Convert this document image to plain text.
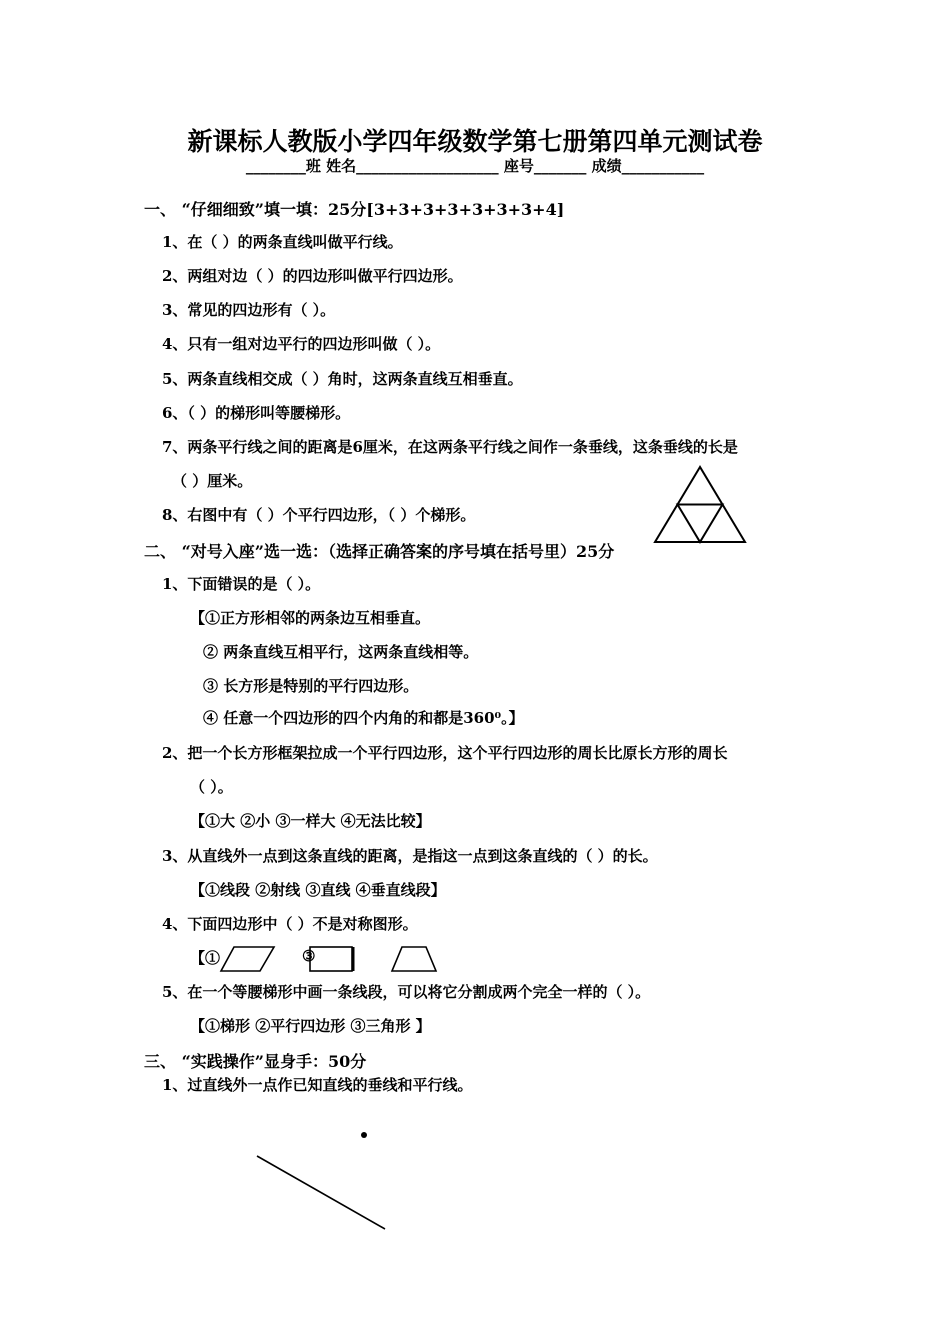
新课标人教版小学四年级数学第七册第四单元测试卷
________班 姓名___________________ 座号_______ 成绩___________
一、 “仔细细致”填一填：25分[3+3+3+3+3+3+3+4]
1、在（ ）的两条直线叫做平行线。
2、两组对边（ ）的四边形叫做平行四边形。
3、常见的四边形有（ ）。
4、只有一组对边平行的四边形叫做（ ）。
5、两条直线相交成（ ）角时，这两条直线互相垂直。
6、（ ）的梯形叫等腰梯形。
7、两条平行线之间的距离是6厘米，在这两条平行线之间作一条垂线，这条垂线的长是
（ ）厘米。
8、右图中有（ ）个平行四边形，（ ）个梯形。
二、 “对号入座”选一选：（选择正确答案的序号填在括号里）25分
1、下面错误的是（ ）。
【①正方形相邻的两条边互相垂直。
② 两条直线互相平行，这两条直线相等。
③ 长方形是特别的平行四边形。
④ 任意一个四边形的四个内角的和都是360⁰。】
2、把一个长方形框架拉成一个平行四边形，这个平行四边形的周长比原长方形的周长
（ ）。
【①大 ②小 ③一样大 ④无法比较】
3、从直线外一点到这条直线的距离，是指这一点到这条直线的（ ）的长。
【①线段 ②射线 ③直线 ④垂直线段】
4、下面四边形中（ ）不是对称图形。
【①	③
5、在一个等腰梯形中画一条线段，可以将它分割成两个完全一样的（ ）。
【①梯形 ②平行四边形 ③三角形 】
三、 “实践操作”显身手：50分
1、过直线外一点作已知直线的垂线和平行线。
